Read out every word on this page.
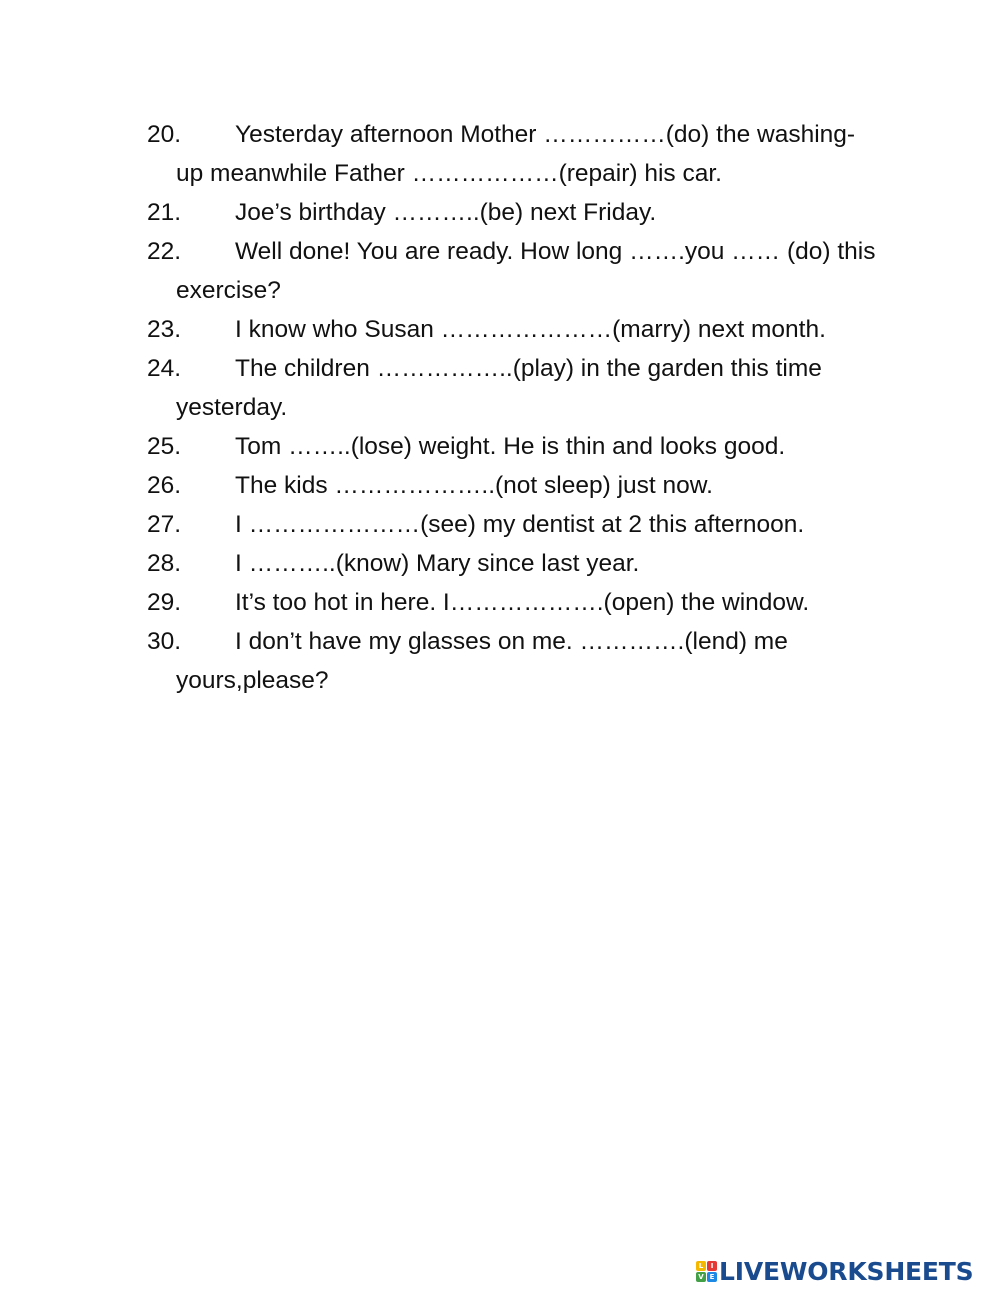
20.	Yesterday afternoon Mother ……………(do) the washing-up meanwhile Father ………………(repair) his car.
21.	Joe’s birthday ………..(be) next Friday.
22.	Well done! You are ready. How long …….you …… (do) this exercise?
23.	I know who Susan …………………(marry) next month.
24.	The children ……………..(play) in the garden this time yesterday.
25.	Tom ……..(lose) weight. He is thin and looks good.
26.	The kids ………………..(not sleep) just now.
27.	I …………………(see) my dentist at 2 this afternoon.
28.	I ………..(know) Mary since last year.
29.	It’s too hot in here. I……………….(open) the window.
30.	I don’t have my glasses on me. ………….(lend) me yours,please?
L	I
V E LIVEWORKSHEETS
